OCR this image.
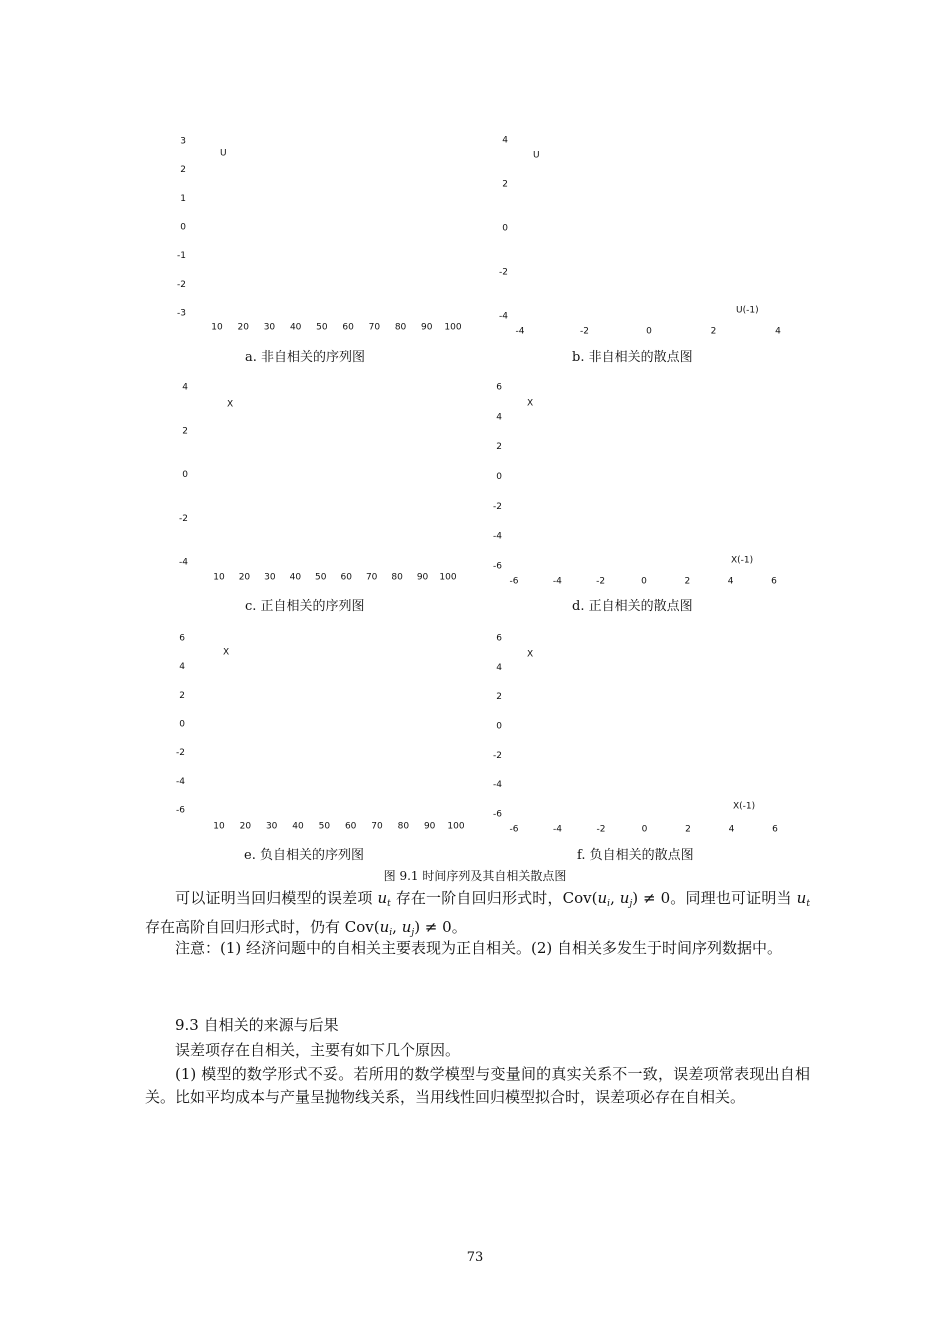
3
2
1
0
-1
-2
-3
10 20 30 40 50 60 70 80 90 100
U
a. 非自相关的序列图
4
2
0
-2
-4
-4	-2	0	2	4
U
U(-1)
b. 非自相关的散点图
4
2
0
-2
-4
10 20 30 40 50 60 70 80 90 100
X
c. 正自相关的序列图
6
4
2
0
-2
-4
-6
-6	-4	-2	0	2	4	6
X
X(-1)
d. 正自相关的散点图
6
4
2
0
-2
-4
-6
10 20 30 40 50 60 70 80 90 100
X
e. 负自相关的序列图
6
4
2
0
-2
-4
-6
-6	-4	-2	0	2	4	6
X
X(-1)
f. 负自相关的散点图
图 9.1 时间序列及其自相关散点图
可以证明当回归模型的误差项 $u_t$ 存在一阶自回归形式时，$Cov(u_i$, $u_j) \ne 0$。同理也可证明当 $u_t$ 存在高阶自回归形式时，仍有 $Cov(u_i$, $u_j) \ne 0$。
注意：(1) 经济问题中的自相关主要表现为正自相关。(2) 自相关多发生于时间序列数据中。
9.3 自相关的来源与后果
误差项存在自相关，主要有如下几个原因。
(1) 模型的数学形式不妥。若所用的数学模型与变量间的真实关系不一致，误差项常表现出自相关。比如平均成本与产量呈抛物线关系，当用线性回归模型拟合时，误差项必存在自相关。
73
